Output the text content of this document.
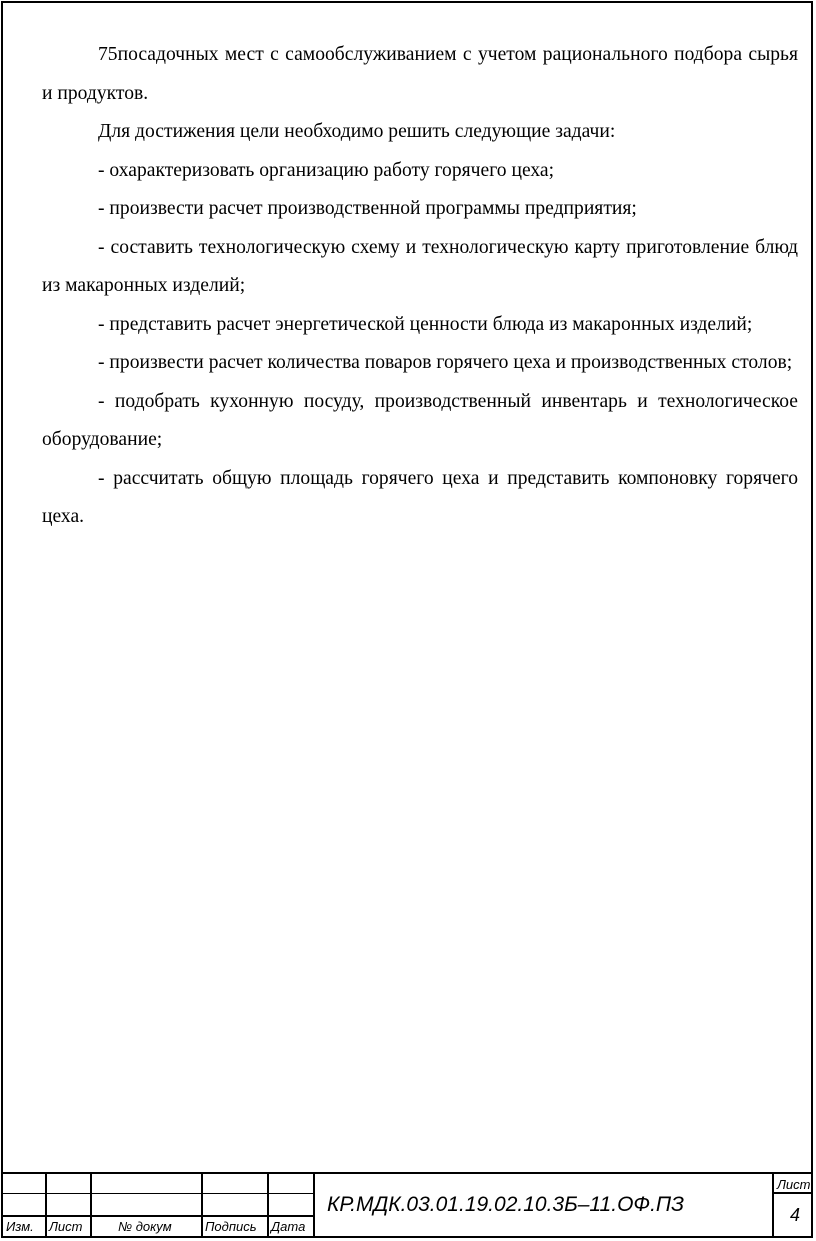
75посадочных мест с самообслуживанием с учетом рационального подбора сырья и продуктов.

Для достижения цели необходимо решить следующие задачи:

- охарактеризовать организацию работу горячего цеха;

- произвести расчет производственной программы предприятия;

- составить технологическую схему и технологическую карту приготовление блюд из макаронных изделий;

- представить расчет энергетической ценности блюда из макаронных изделий;

- произвести расчет количества поваров горячего цеха и производственных столов;

- подобрать кухонную посуду, производственный инвентарь и технологическое оборудование;

- рассчитать общую площадь горячего цеха и представить компоновку горячего цеха.

Изм. Лист	№ докум	Подпись Дата
КР.МДК.03.01.19.02.10.3Б–11.ОФ.ПЗ
Лист
4
